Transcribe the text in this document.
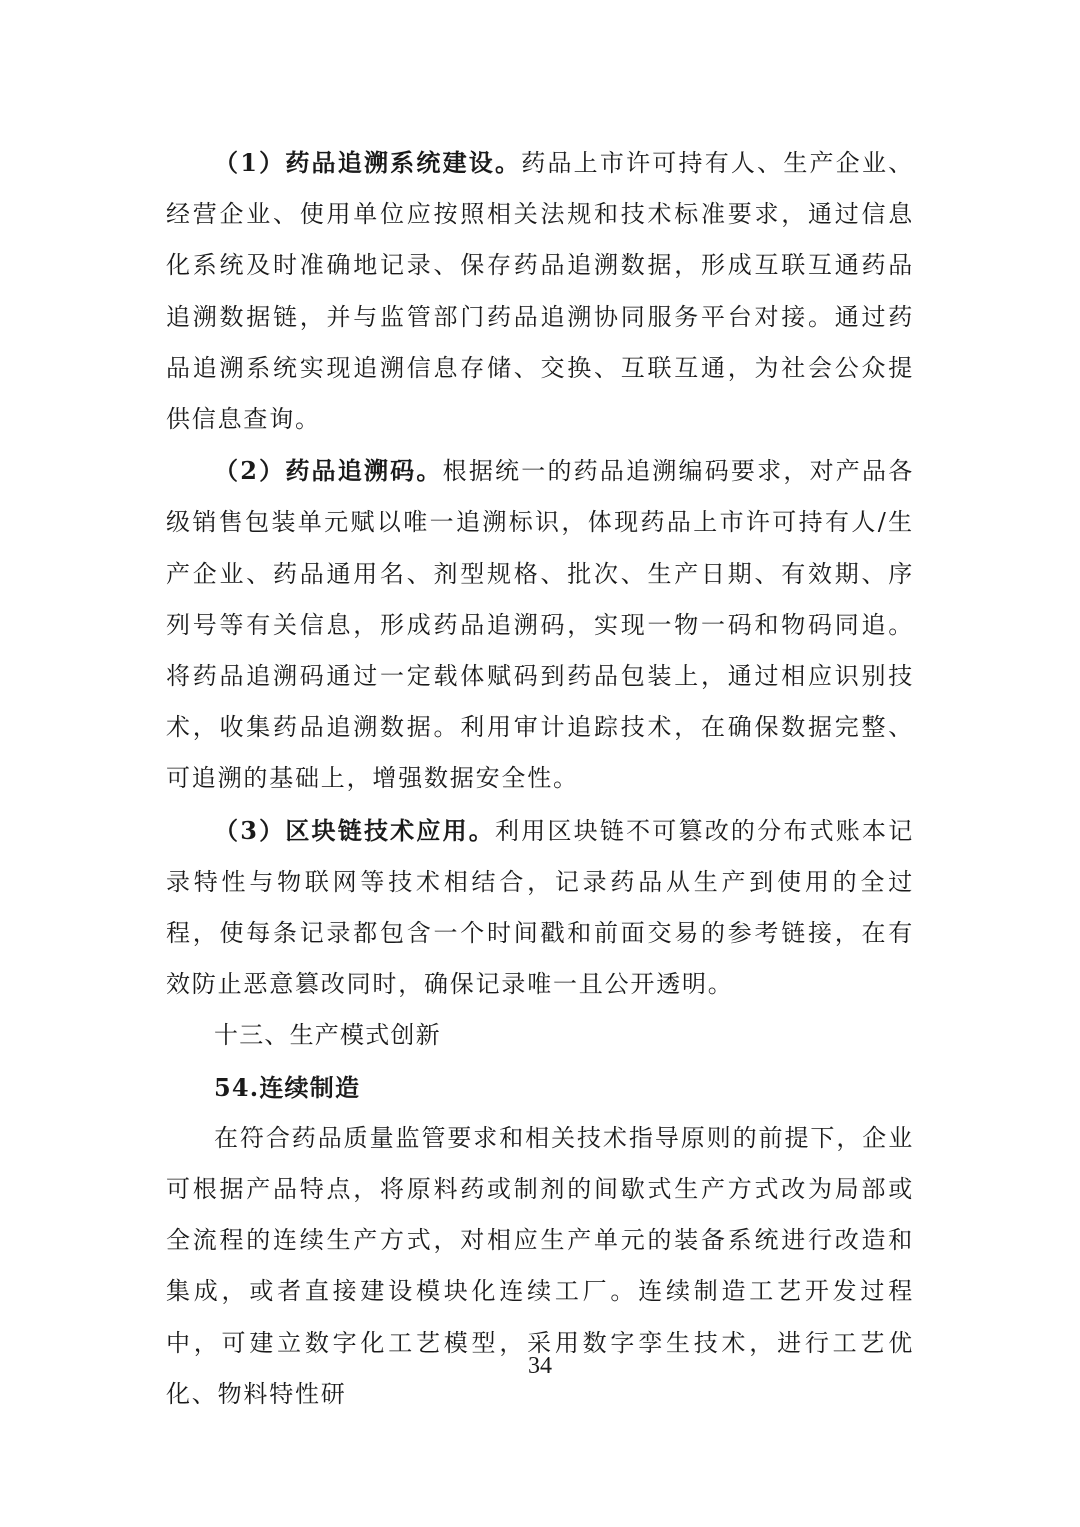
（1）药品追溯系统建设。药品上市许可持有人、生产企业、经营企业、使用单位应按照相关法规和技术标准要求，通过信息化系统及时准确地记录、保存药品追溯数据，形成互联互通药品追溯数据链，并与监管部门药品追溯协同服务平台对接。通过药品追溯系统实现追溯信息存储、交换、互联互通，为社会公众提供信息查询。

（2）药品追溯码。根据统一的药品追溯编码要求，对产品各级销售包装单元赋以唯一追溯标识，体现药品上市许可持有人/生产企业、药品通用名、剂型规格、批次、生产日期、有效期、序列号等有关信息，形成药品追溯码，实现一物一码和物码同追。将药品追溯码通过一定载体赋码到药品包装上，通过相应识别技术，收集药品追溯数据。利用审计追踪技术，在确保数据完整、可追溯的基础上，增强数据安全性。

（3）区块链技术应用。利用区块链不可篡改的分布式账本记录特性与物联网等技术相结合，记录药品从生产到使用的全过程，使每条记录都包含一个时间戳和前面交易的参考链接，在有效防止恶意篡改同时，确保记录唯一且公开透明。

十三、生产模式创新

54.连续制造

在符合药品质量监管要求和相关技术指导原则的前提下，企业可根据产品特点，将原料药或制剂的间歇式生产方式改为局部或全流程的连续生产方式，对相应生产单元的装备系统进行改造和集成，或者直接建设模块化连续工厂。连续制造工艺开发过程中，可建立数字化工艺模型，采用数字孪生技术，进行工艺优化、物料特性研

34
